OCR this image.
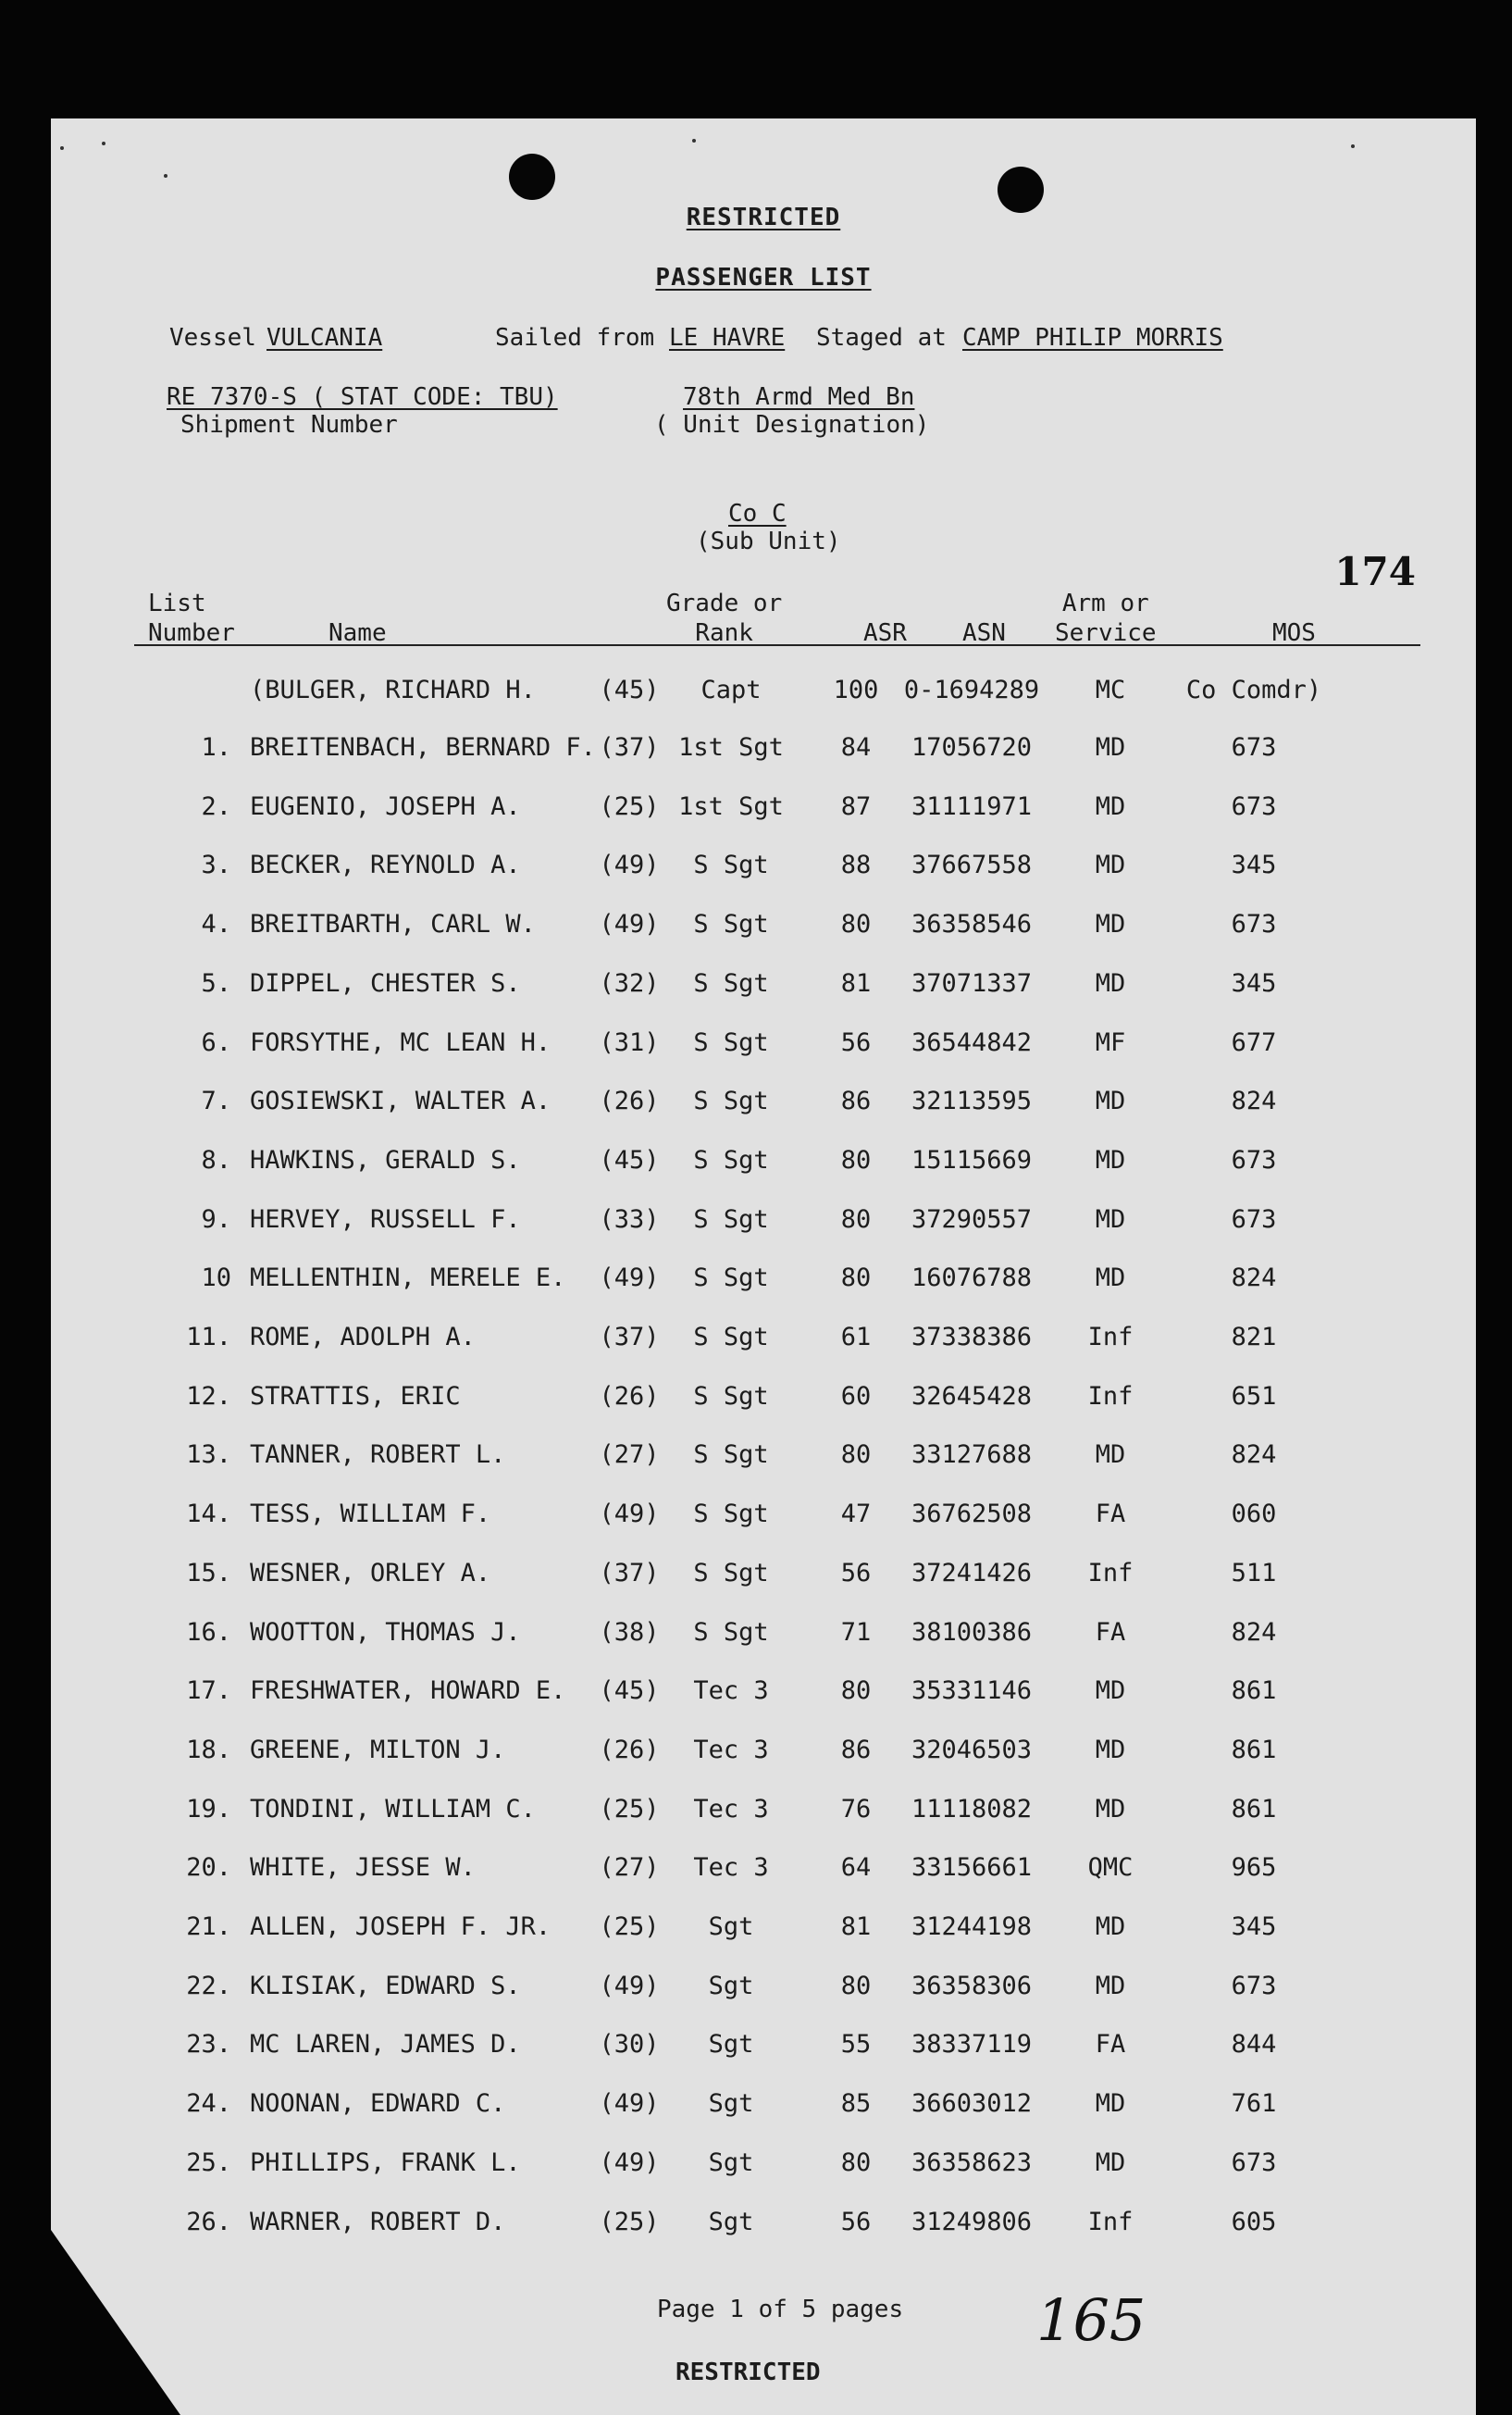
RESTRICTED
PASSENGER LIST
Vessel VULCANIA	Sailed from LE HAVRE Staged at CAMP PHILIP MORRIS
RE 7370-S ( STAT CODE: TBU)
Shipment Number
78th Armd Med Bn
( Unit Designation)
Co C
(Sub Unit)
174
List
Number	Name
Grade or
Rank	ASR ASN
Arm or
Service	MOS
(BULGER, RICHARD H.	(45)	Capt	100	0-1694289	MC	Co Comdr)
1. BREITENBACH, BERNARD F. (37) 1st Sgt	84	17056720	MD	673
2. EUGENIO, JOSEPH A.	(25) 1st Sgt	87	31111971	MD	673
3. BECKER, REYNOLD A.	(49)	S Sgt	88	37667558	MD	345
4. BREITBARTH, CARL W.	(49)	S Sgt	80	36358546	MD	673
5. DIPPEL, CHESTER S.	(32)	S Sgt	81	37071337	MD	345
6. FORSYTHE, MC LEAN H. (31)	S Sgt	56	36544842	MF	677
7. GOSIEWSKI, WALTER A. (26)	S Sgt	86	32113595	MD	824
8. HAWKINS, GERALD S.	(45)	S Sgt	80	15115669	MD	673
9. HERVEY, RUSSELL F.	(33)	S Sgt	80	37290557	MD	673
10 MELLENTHIN, MERELE E. (49)	S Sgt	80	16076788	MD	824
11. ROME, ADOLPH A.	(37)	S Sgt	61	37338386	Inf	821
12. STRATTIS, ERIC	(26)	S Sgt	60	32645428	Inf	651
13. TANNER, ROBERT L.	(27)	S Sgt	80	33127688	MD	824
14. TESS, WILLIAM F.	(49)	S Sgt	47	36762508	FA	060
15. WESNER, ORLEY A.	(37)	S Sgt	56	37241426	Inf	511
16. WOOTTON, THOMAS J.	(38)	S Sgt	71	38100386	FA	824
17. FRESHWATER, HOWARD E. (45)	Tec 3	80	35331146	MD	861
18. GREENE, MILTON J.	(26)	Tec 3	86	32046503	MD	861
19. TONDINI, WILLIAM C.	(25)	Tec 3	76	11118082	MD	861
20. WHITE, JESSE W.	(27)	Tec 3	64	33156661	QMC	965
21. ALLEN, JOSEPH F. JR. (25)	Sgt	81	31244198	MD	345
22. KLISIAK, EDWARD S.	(49)	Sgt	80	36358306	MD	673
23. MC LAREN, JAMES D.	(30)	Sgt	55	38337119	FA	844
24. NOONAN, EDWARD C.	(49)	Sgt	85	36603012	MD	761
25. PHILLIPS, FRANK L.	(49)	Sgt	80	36358623	MD	673
26. WARNER, ROBERT D.	(25)	Sgt	56	31249806	Inf	605
Page 1 of 5 pages 165
RESTRICTED
